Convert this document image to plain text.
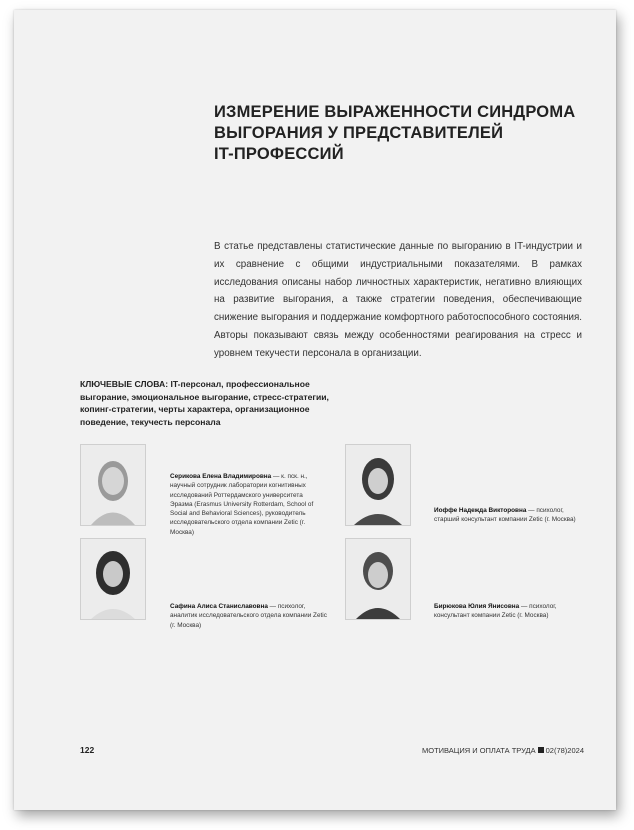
ИЗМЕРЕНИЕ ВЫРАЖЕННОСТИ СИНДРОМА
ВЫГОРАНИЯ У ПРЕДСТАВИТЕЛЕЙ
IT-ПРОФЕССИЙ
В статье представлены статистические данные по выгоранию в IT-индустрии и их сравнение с общими индустриальными показателями. В рамках исследования описаны набор личностных характеристик, негативно влияющих на развитие выгорания, а также стратегии поведения, обеспечивающие снижение выгорания и поддержание комфортного работоспособного состояния. Авторы показывают связь между особенностями реагирования на стресс и уровнем текучести персонала в организации.
КЛЮЧЕВЫЕ СЛОВА: IT-персонал, профессиональное выгорание, эмоциональное выгорание, стресс-стратегии, копинг-стратегии, черты характера, организационное поведение, текучесть персонала
Серикова Елена Владимировна — к. пск. н., научный сотрудник лаборатории когнитивных исследований Роттердамского университета Эразма (Erasmus University Rotterdam, School of Social and Behavioral Sciences), руководитель исследовательского отдела компании Zetic (г. Москва)
Иоффе Надежда Викторовна — психолог, старший консультант компании Zetic (г. Москва)
Сафина Алиса Станиславовна — психолог, аналитик исследовательского отдела компании Zetic (г. Москва)
Бирюкова Юлия Янисовна — психолог, консультант компании Zetic (г. Москва)
122	МОТИВАЦИЯ И ОПЛАТА ТРУДА 02(78)2024
